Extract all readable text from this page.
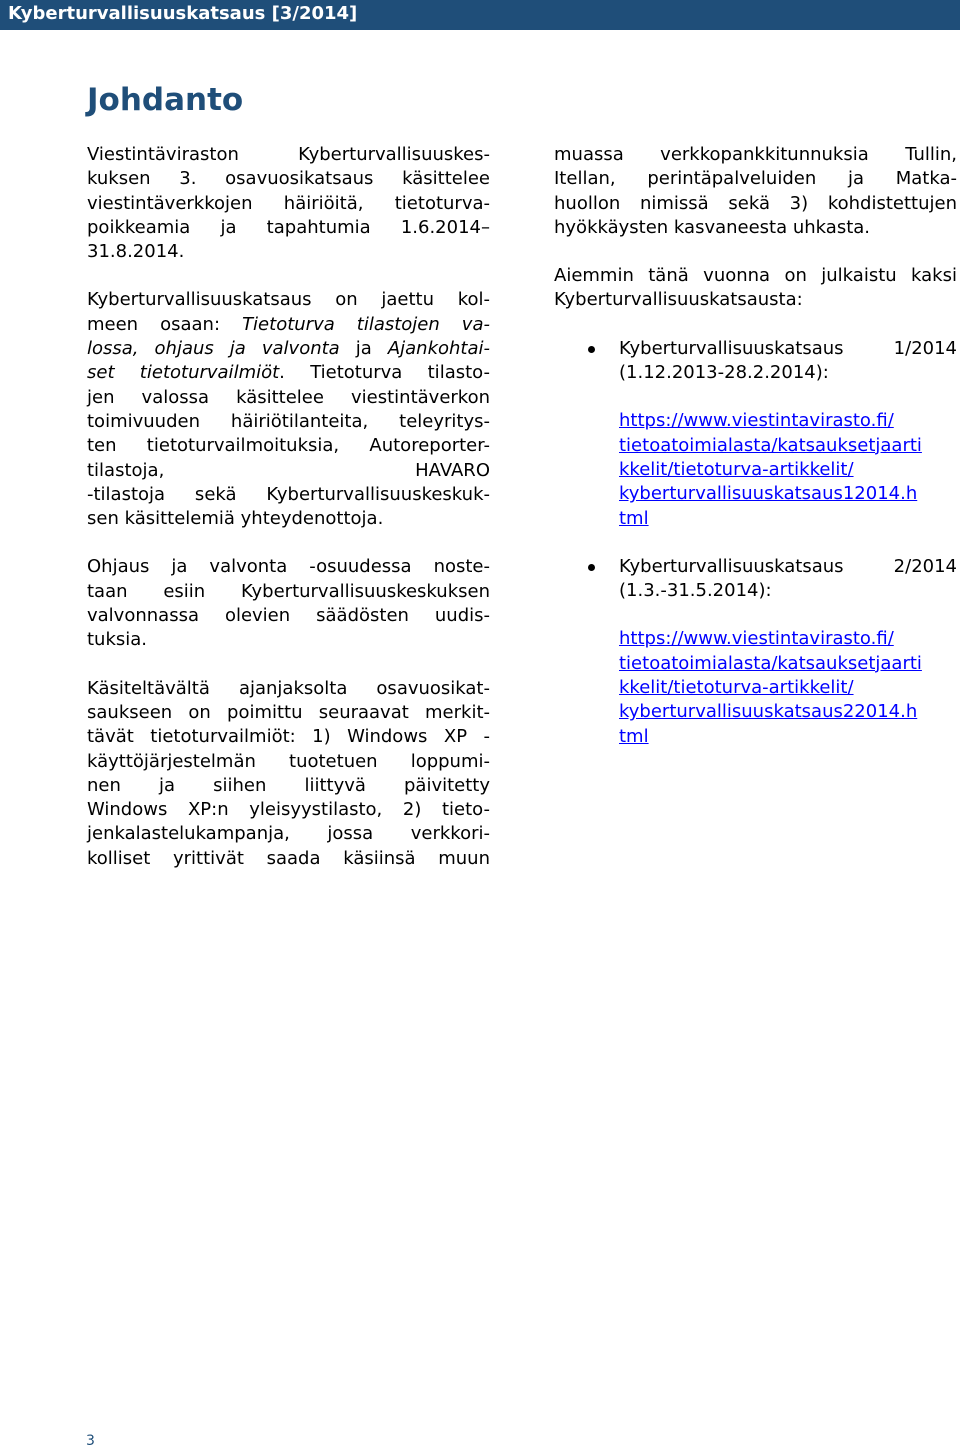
Kyberturvallisuuskatsaus [3/2014]
Johdanto
Viestintäviraston Kyberturvallisuuskes-
kuksen 3. osavuosikatsaus käsittelee
viestintäverkkojen häiriöitä, tietoturva-
poikkeamia ja tapahtumia 1.6.2014–
31.8.2014.
Kyberturvallisuuskatsaus on jaettu kol-
meen osaan: Tietoturva tilastojen va-
lossa, ohjaus ja valvonta ja Ajankohtai-
set tietoturvailmiöt. Tietoturva tilasto-
jen valossa käsittelee viestintäverkon
toimivuuden häiriötilanteita, teleyritys-
ten tietoturvailmoituksia, Autoreporter-
tilastoja, HAVARO
-tilastoja sekä Kyberturvallisuuskeskuk-
sen käsittelemiä yhteydenottoja.
Ohjaus ja valvonta -osuudessa noste-
taan esiin Kyberturvallisuuskeskuksen
valvonnassa olevien säädösten uudis-
tuksia.
Käsiteltävältä ajanjaksolta osavuosikat-
saukseen on poimittu seuraavat merkit-
tävät tietoturvailmiöt: 1) Windows XP -
käyttöjärjestelmän tuotetuen loppumi-
nen ja siihen liittyvä päivitetty
Windows XP:n yleisyystilasto, 2) tieto-
jenkalastelukampanja, jossa verkkori-
kolliset yrittivät saada käsiinsä muun
muassa verkkopankkitunnuksia Tullin,
Itellan, perintäpalveluiden ja Matka-
huollon nimissä sekä 3) kohdistettujen
hyökkäysten kasvaneesta uhkasta.
Aiemmin tänä vuonna on julkaistu kaksi
Kyberturvallisuuskatsausta:
Kyberturvallisuuskatsaus 1/2014
(1.12.2013-28.2.2014):
https://www.viestintavirasto.fi/
tietoatoimialasta/katsauksetjaarti
kkelit/tietoturva-artikkelit/
kyberturvallisuuskatsaus12014.h
tml
Kyberturvallisuuskatsaus 2/2014
(1.3.-31.5.2014):
https://www.viestintavirasto.fi/
tietoatoimialasta/katsauksetjaarti
kkelit/tietoturva-artikkelit/
kyberturvallisuuskatsaus22014.h
tml
3
